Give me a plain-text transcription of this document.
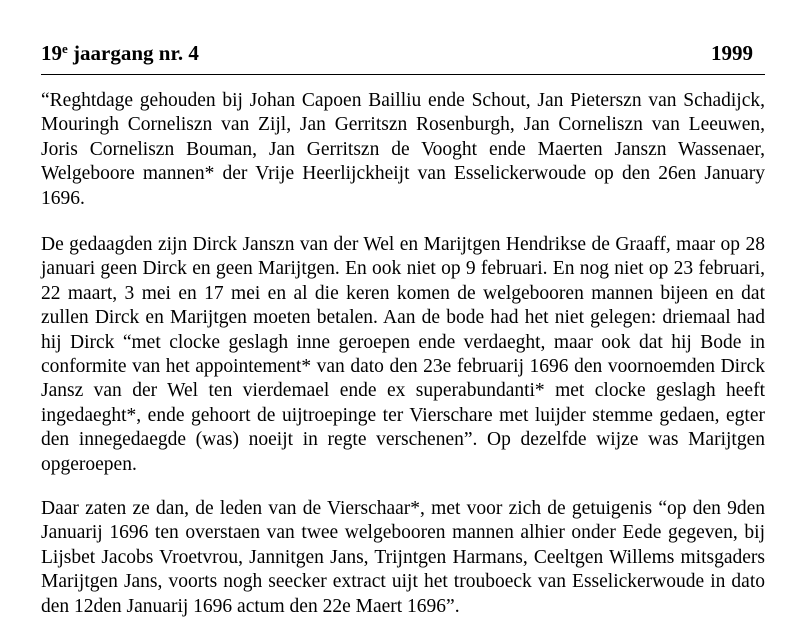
19e jaargang nr. 4	1999

“Reghtdage gehouden bij Johan Capoen Bailliu ende Schout, Jan Pieterszn van Schadijck, Mouringh Corneliszn van Zijl, Jan Gerritszn Rosenburgh, Jan Corneliszn van Leeuwen, Joris Corneliszn Bouman, Jan Gerritszn de Vooght ende Maerten Janszn Wassenaer, Welgeboore mannen* der Vrije Heerlijckheijt van Esselickerwoude op den 26en January 1696.

De gedaagden zijn Dirck Janszn van der Wel en Marijtgen Hendrikse de Graaff, maar op 28 januari geen Dirck en geen Marijtgen. En ook niet op 9 februari. En nog niet op 23 februari, 22 maart, 3 mei en 17 mei en al die keren komen de welgebooren mannen bijeen en dat zullen Dirck en Marijtgen moeten betalen. Aan de bode had het niet gelegen: driemaal had hij Dirck “met clocke geslagh inne geroepen ende verdaeght, maar ook dat hij Bode in conformite van het appointement* van dato den 23e februarij 1696 den voornoemden Dirck Jansz van der Wel ten vierdemael ende ex superabundanti* met clocke geslagh heeft ingedaeght*, ende gehoort de uijtroepinge ter Vierschare met luijder stemme gedaen, egter den innegedaegde (was) noeijt in regte verschenen”. Op dezelfde wijze was Marijtgen opgeroepen.

Daar zaten ze dan, de leden van de Vierschaar*, met voor zich de getuigenis “op den 9den Januarij 1696 ten overstaen van twee welgebooren mannen alhier onder Eede gegeven, bij Lijsbet Jacobs Vroetvrou, Jannitgen Jans, Trijntgen Harmans, Ceeltgen Willems mitsgaders Marijtgen Jans, voorts nogh seecker extract uijt het trouboeck van Esselickerwoude in dato den 12den Januarij 1696 actum den 22e Maert 1696”.
